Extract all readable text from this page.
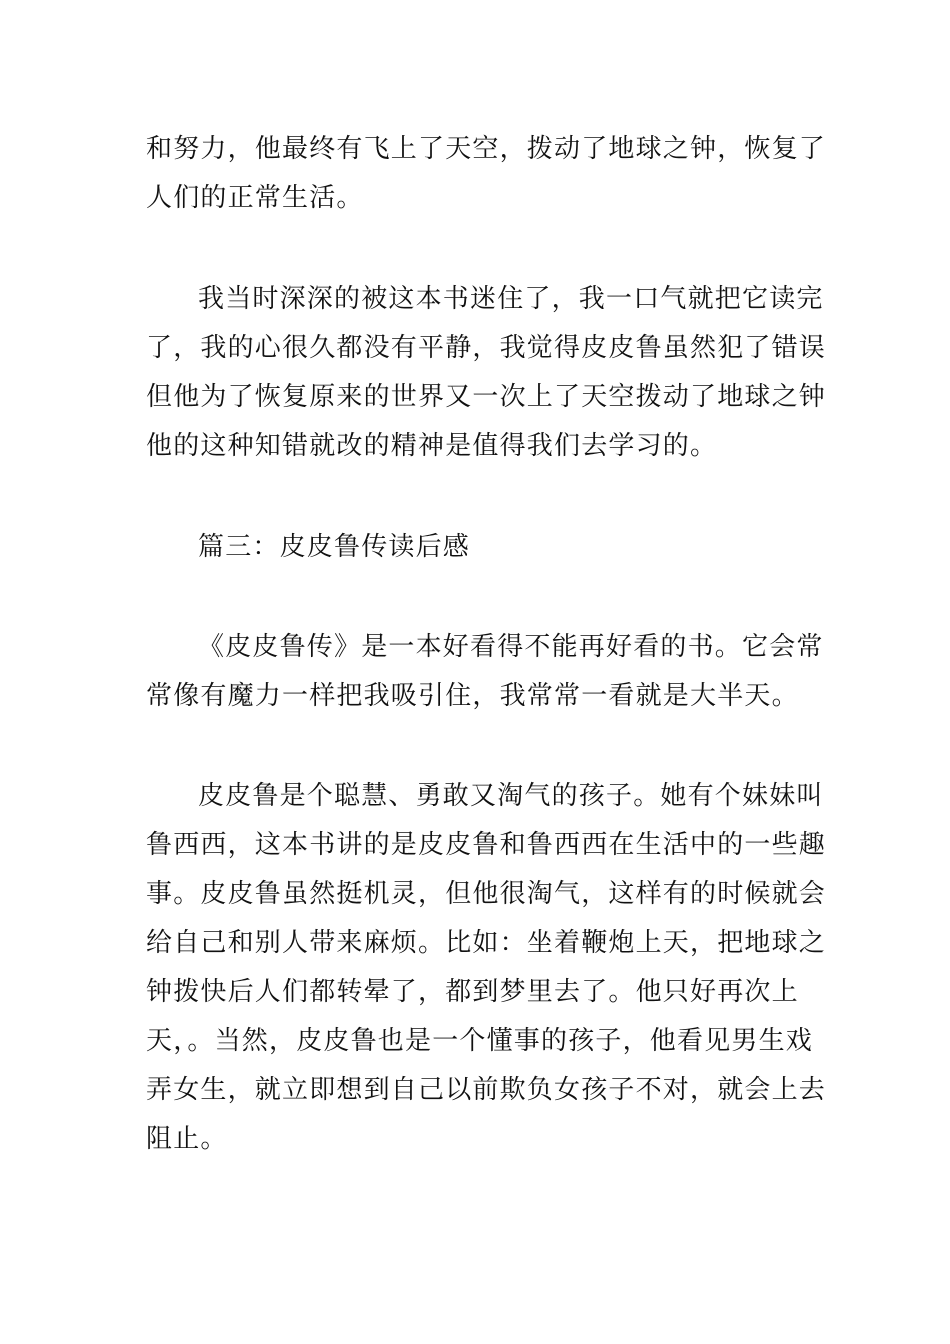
和努力，他最终有飞上了天空，拨动了地球之钟，恢复了
人们的正常生活。

我当时深深的被这本书迷住了，我一口气就把它读完
了，我的心很久都没有平静，我觉得皮皮鲁虽然犯了错误
但他为了恢复原来的世界又一次上了天空拨动了地球之钟
他的这种知错就改的精神是值得我们去学习的。

篇三：皮皮鲁传读后感

《皮皮鲁传》是一本好看得不能再好看的书。它会常
常像有魔力一样把我吸引住，我常常一看就是大半天。

皮皮鲁是个聪慧、勇敢又淘气的孩子。她有个妹妹叫
鲁西西，这本书讲的是皮皮鲁和鲁西西在生活中的一些趣
事。皮皮鲁虽然挺机灵，但他很淘气，这样有的时候就会
给自己和别人带来麻烦。比如：坐着鞭炮上天，把地球之
钟拨快后人们都转晕了，都到梦里去了。他只好再次上
天，。当然，皮皮鲁也是一个懂事的孩子，他看见男生戏
弄女生，就立即想到自己以前欺负女孩子不对，就会上去
阻止。
